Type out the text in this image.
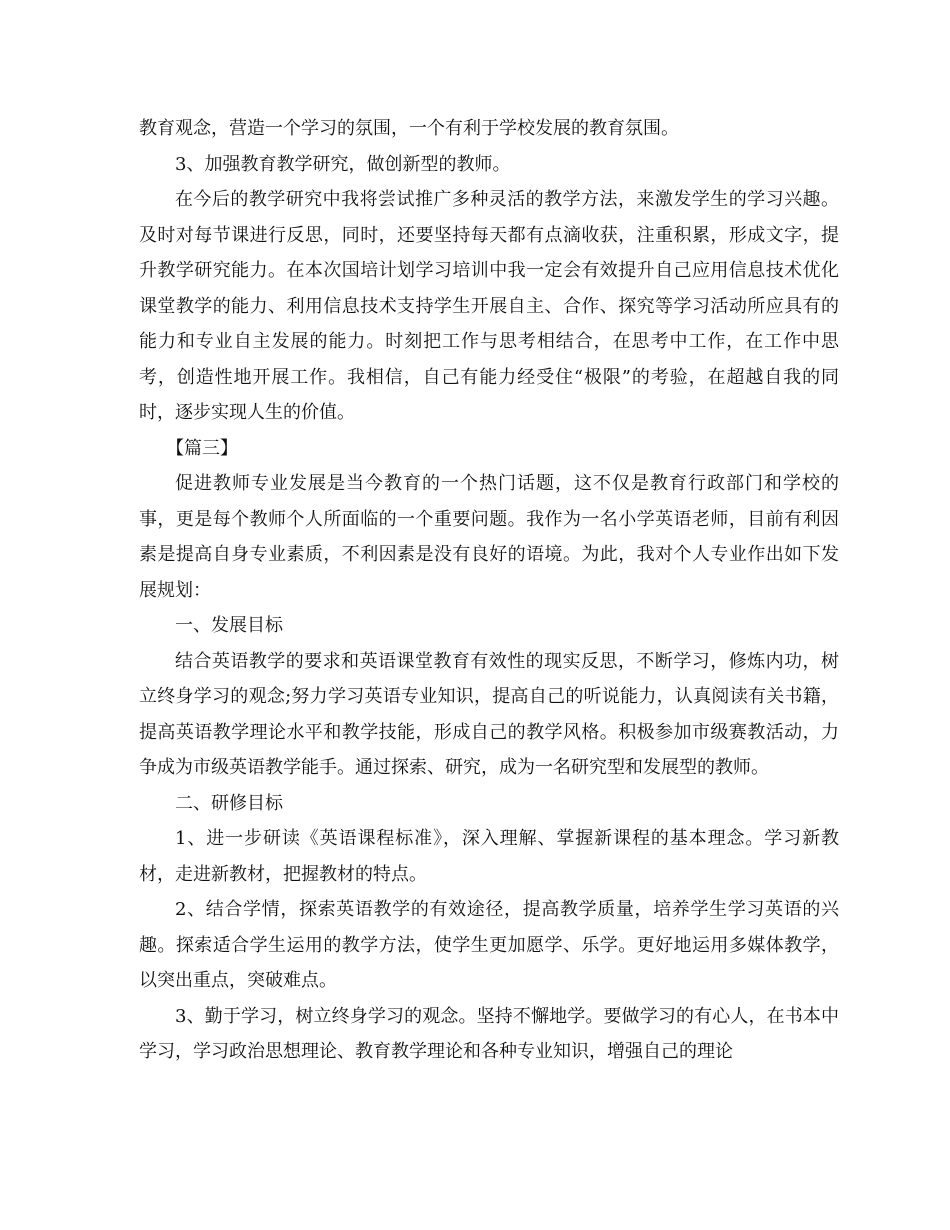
教育观念，营造一个学习的氛围，一个有利于学校发展的教育氛围。

3、加强教育教学研究，做创新型的教师。

在今后的教学研究中我将尝试推广多种灵活的教学方法，来激发学生的学习兴趣。及时对每节课进行反思，同时，还要坚持每天都有点滴收获，注重积累，形成文字，提升教学研究能力。在本次国培计划学习培训中我一定会有效提升自己应用信息技术优化课堂教学的能力、利用信息技术支持学生开展自主、合作、探究等学习活动所应具有的能力和专业自主发展的能力。时刻把工作与思考相结合，在思考中工作，在工作中思考，创造性地开展工作。我相信，自己有能力经受住“极限”的考验，在超越自我的同时，逐步实现人生的价值。

【篇三】

促进教师专业发展是当今教育的一个热门话题，这不仅是教育行政部门和学校的事，更是每个教师个人所面临的一个重要问题。我作为一名小学英语老师，目前有利因素是提高自身专业素质，不利因素是没有良好的语境。为此，我对个人专业作出如下发展规划：

一、发展目标

结合英语教学的要求和英语课堂教育有效性的现实反思，不断学习，修炼内功，树立终身学习的观念;努力学习英语专业知识，提高自己的听说能力，认真阅读有关书籍，提高英语教学理论水平和教学技能，形成自己的教学风格。积极参加市级赛教活动，力争成为市级英语教学能手。通过探索、研究，成为一名研究型和发展型的教师。

二、研修目标

1、进一步研读《英语课程标准》，深入理解、掌握新课程的基本理念。学习新教材，走进新教材，把握教材的特点。

2、结合学情，探索英语教学的有效途径，提高教学质量，培养学生学习英语的兴趣。探索适合学生运用的教学方法，使学生更加愿学、乐学。更好地运用多媒体教学，以突出重点，突破难点。

3、勤于学习，树立终身学习的观念。坚持不懈地学。要做学习的有心人，在书本中学习，学习政治思想理论、教育教学理论和各种专业知识，增强自己的理论
